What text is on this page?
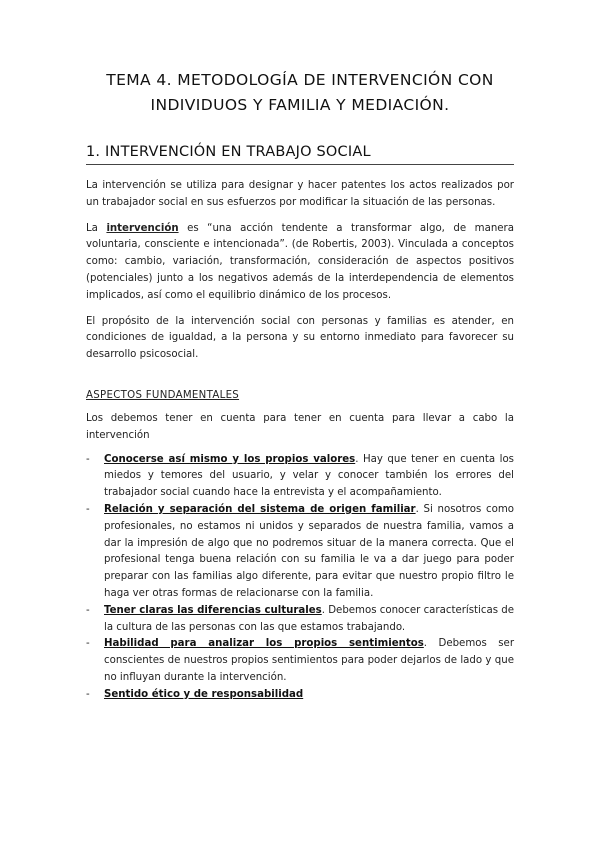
TEMA 4. METODOLOGÍA DE INTERVENCIÓN CON
INDIVIDUOS Y FAMILIA Y MEDIACIÓN.
1. INTERVENCIÓN EN TRABAJO SOCIAL

La intervención se utiliza para designar y hacer patentes los actos realizados por un trabajador social en sus esfuerzos por modificar la situación de las personas.

La intervención es “una acción tendente a transformar algo, de manera voluntaria, consciente e intencionada”. (de Robertis, 2003). Vinculada a conceptos como: cambio, variación, transformación, consideración de aspectos positivos (potenciales) junto a los negativos además de la interdependencia de elementos implicados, así como el equilibrio dinámico de los procesos.

El propósito de la intervención social con personas y familias es atender, en condiciones de igualdad, a la persona y su entorno inmediato para favorecer su desarrollo psicosocial.

ASPECTOS FUNDAMENTALES

Los debemos tener en cuenta para tener en cuenta para llevar a cabo la intervención

- Conocerse así mismo y los propios valores. Hay que tener en cuenta los miedos y temores del usuario, y velar y conocer también los errores del trabajador social cuando hace la entrevista y el acompañamiento.
- Relación y separación del sistema de origen familiar. Si nosotros como profesionales, no estamos ni unidos y separados de nuestra familia, vamos a dar la impresión de algo que no podremos situar de la manera correcta. Que el profesional tenga buena relación con su familia le va a dar juego para poder preparar con las familias algo diferente, para evitar que nuestro propio filtro le haga ver otras formas de relacionarse con la familia.
- Tener claras las diferencias culturales. Debemos conocer características de la cultura de las personas con las que estamos trabajando.
- Habilidad para analizar los propios sentimientos. Debemos ser conscientes de nuestros propios sentimientos para poder dejarlos de lado y que no influyan durante la intervención.
- Sentido ético y de responsabilidad
